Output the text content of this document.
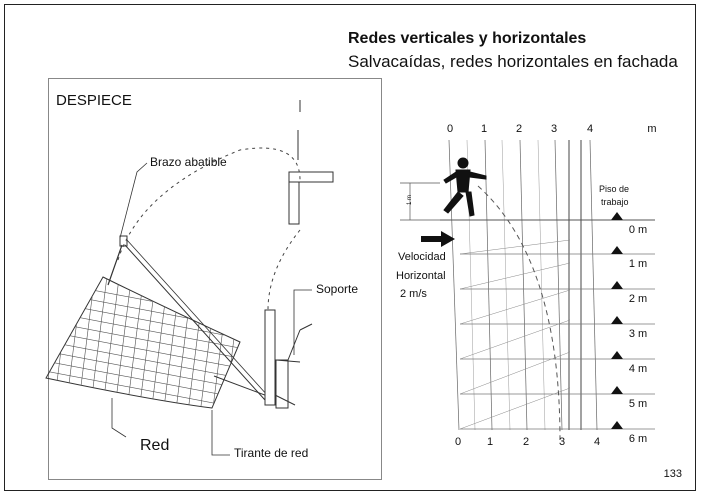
Redes verticales y horizontales
Salvacaídas, redes horizontales en fachada
DESPIECE
Brazo abatible
Soporte
Red	Tirante de red
1 m
0 m
1 m
2 m
3 m
4 m
5 m
6 m
0	1	2	3	4	m
0 1	2	3	4
Piso de
trabajo
Velocidad
Horizontal
2 m/s
133
